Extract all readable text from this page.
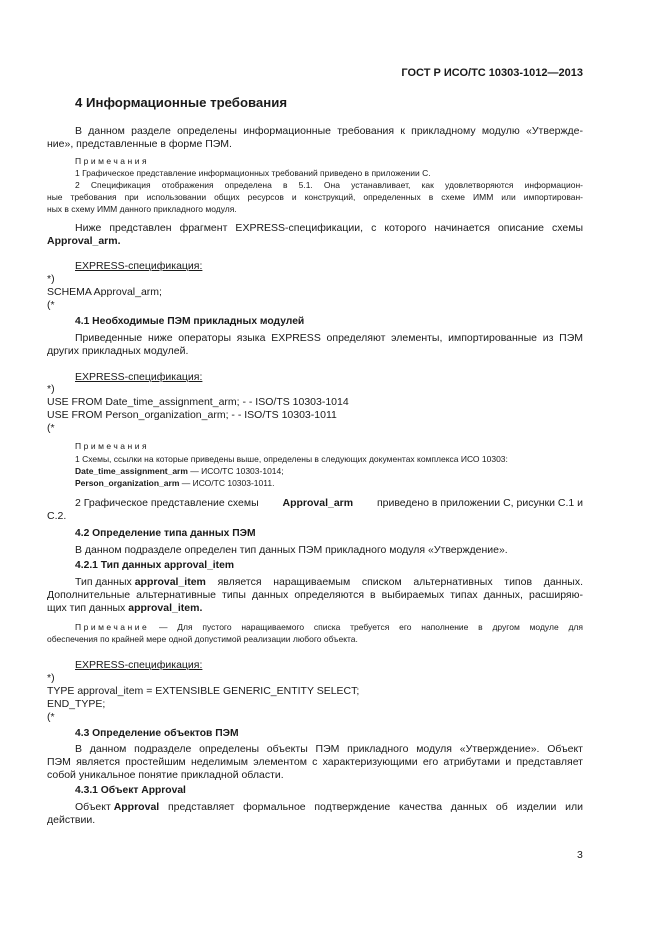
ГОСТ Р ИСО/ТС 10303-1012—2013
4 Информационные требования
В данном разделе определены информационные требования к прикладному модулю «Утвержде-
ние», представленные в форме ПЭМ.
Примечания
1 Графическое представление информационных требований приведено в приложении С.
2 Спецификация отображения определена в 5.1. Она устанавливает, как удовлетворяются информацион-
ные требования при использовании общих ресурсов и конструкций, определенных в схеме ИММ или импортирован-
ных в схему ИММ данного прикладного модуля.
Ниже представлен фрагмент EXPRESS-спецификации, с которого начинается описание схемы
Approval_arm.
EXPRESS-спецификация:
*)
SCHEMA Approval_arm;
(*
4.1 Необходимые ПЭМ прикладных модулей
Приведенные ниже операторы языка EXPRESS определяют элементы, импортированные из ПЭМ
других прикладных модулей.
EXPRESS-спецификация:
*)
USE FROM Date_time_assignment_arm; - - ISO/TS 10303-1014
USE FROM Person_organization_arm; - - ISO/TS 10303-1011
(*
Примечания
1 Схемы, ссылки на которые приведены выше, определены в следующих документах комплекса ИСО 10303:
Date_time_assignment_arm — ИСО/ТС 10303-1014;
Person_organization_arm — ИСО/ТС 10303-1011.
2 Графическое представление схемы Approval_arm приведено в приложении С, рисунки С.1 и
С.2.
4.2 Определение типа данных ПЭМ
В данном подразделе определен тип данных ПЭМ прикладного модуля «Утверждение».
4.2.1 Тип данных approval_item
Тип данных approval_item является наращиваемым списком альтернативных типов данных.
Дополнительные альтернативные типы данных определяются в выбираемых типах данных, расширяю-
щих тип данных approval_item.
Примечание — Для пустого наращиваемого списка требуется его наполнение в другом модуле для
обеспечения по крайней мере одной допустимой реализации любого объекта.
EXPRESS-спецификация:
*)
TYPE approval_item = EXTENSIBLE GENERIC_ENTITY SELECT;
END_TYPE;
(*
4.3 Определение объектов ПЭМ
В данном подразделе определены объекты ПЭМ прикладного модуля «Утверждение». Объект
ПЭМ является простейшим неделимым элементом с характеризующими его атрибутами и представляет
собой уникальное понятие прикладной области.
4.3.1 Объект Approval
Объект Approval представляет формальное подтверждение качества данных об изделии или
действии.
3
